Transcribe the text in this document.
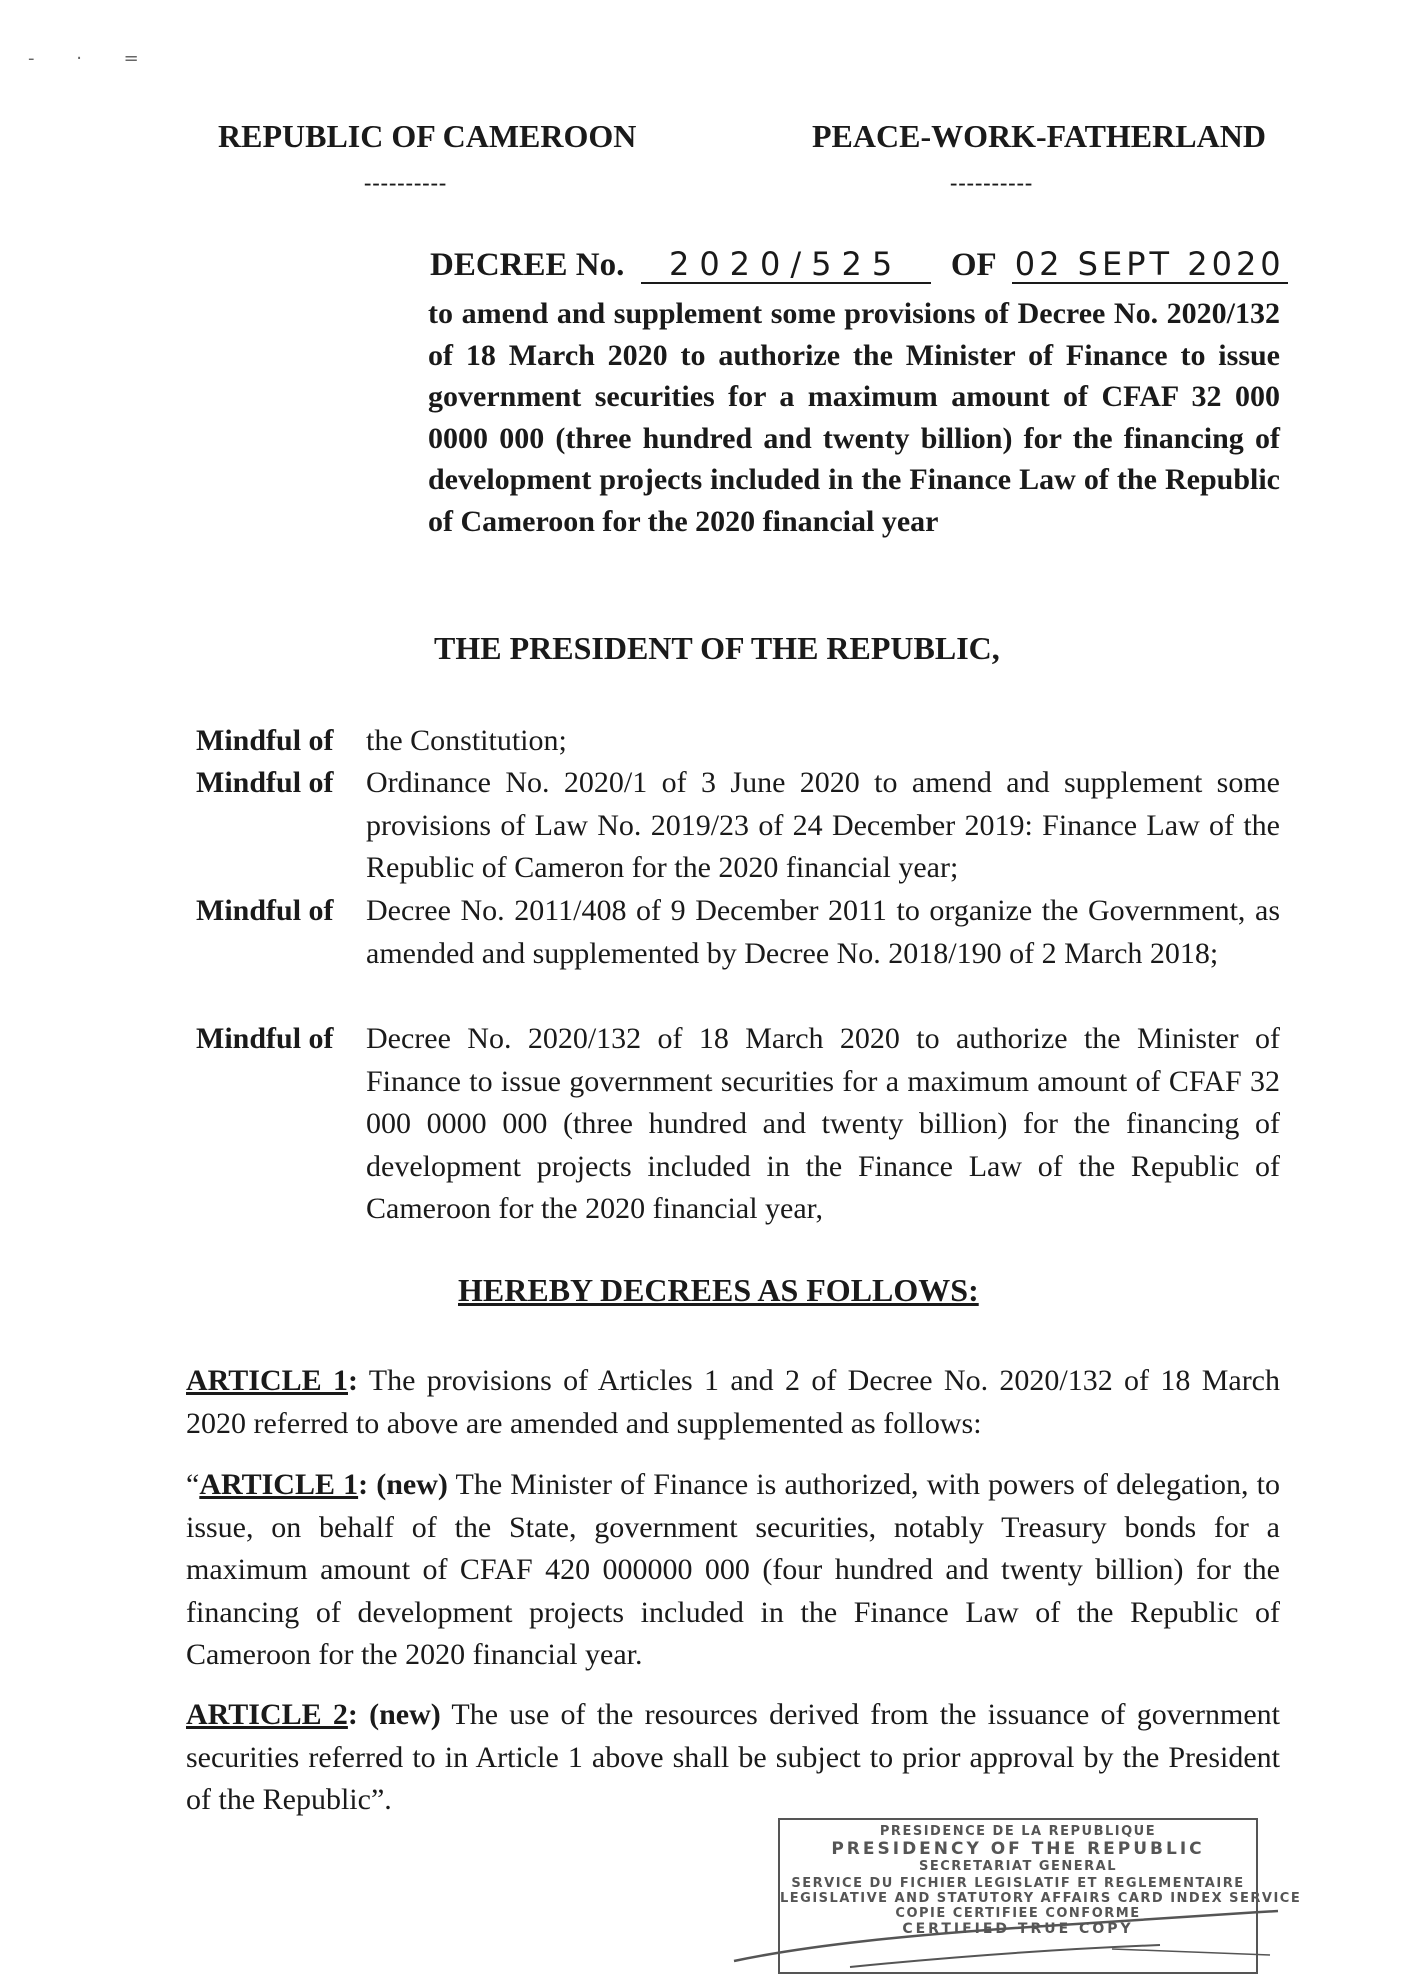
- · =
REPUBLIC OF CAMEROON	PEACE-WORK-FATHERLAND
----------	----------
DECREE No. 2020/525 OF 02 SEPT 2020
to amend and supplement some provisions of Decree No. 2020/132 of 18 March 2020 to authorize the Minister of Finance to issue government securities for a maximum amount of CFAF 32 000 0000 000 (three hundred and twenty billion) for the financing of development projects included in the Finance Law of the Republic of Cameroon for the 2020 financial year
THE PRESIDENT OF THE REPUBLIC,
Mindful of	the Constitution;
Mindful of	Ordinance No. 2020/1 of 3 June 2020 to amend and supplement some provisions of Law No. 2019/23 of 24 December 2019: Finance Law of the Republic of Cameron for the 2020 financial year;
Mindful of	Decree No. 2011/408 of 9 December 2011 to organize the Government, as amended and supplemented by Decree No. 2018/190 of 2 March 2018;
Mindful of	Decree No. 2020/132 of 18 March 2020 to authorize the Minister of Finance to issue government securities for a maximum amount of CFAF 32 000 0000 000 (three hundred and twenty billion) for the financing of development projects included in the Finance Law of the Republic of Cameroon for the 2020 financial year,
HEREBY DECREES AS FOLLOWS:
ARTICLE 1: The provisions of Articles 1 and 2 of Decree No. 2020/132 of 18 March 2020 referred to above are amended and supplemented as follows:
“ARTICLE 1: (new) The Minister of Finance is authorized, with powers of delegation, to issue, on behalf of the State, government securities, notably Treasury bonds for a maximum amount of CFAF 420 000000 000 (four hundred and twenty billion) for the financing of development projects included in the Finance Law of the Republic of Cameroon for the 2020 financial year.
ARTICLE 2: (new) The use of the resources derived from the issuance of government securities referred to in Article 1 above shall be subject to prior approval by the President of the Republic”.
PRESIDENCE DE LA REPUBLIQUE
PRESIDENCY OF THE REPUBLIC
SECRETARIAT GENERAL
SERVICE DU FICHIER LEGISLATIF ET REGLEMENTAIRE
LEGISLATIVE AND STATUTORY AFFAIRS CARD INDEX SERVICE
COPIE CERTIFIEE CONFORME
CERTIFIED TRUE COPY
